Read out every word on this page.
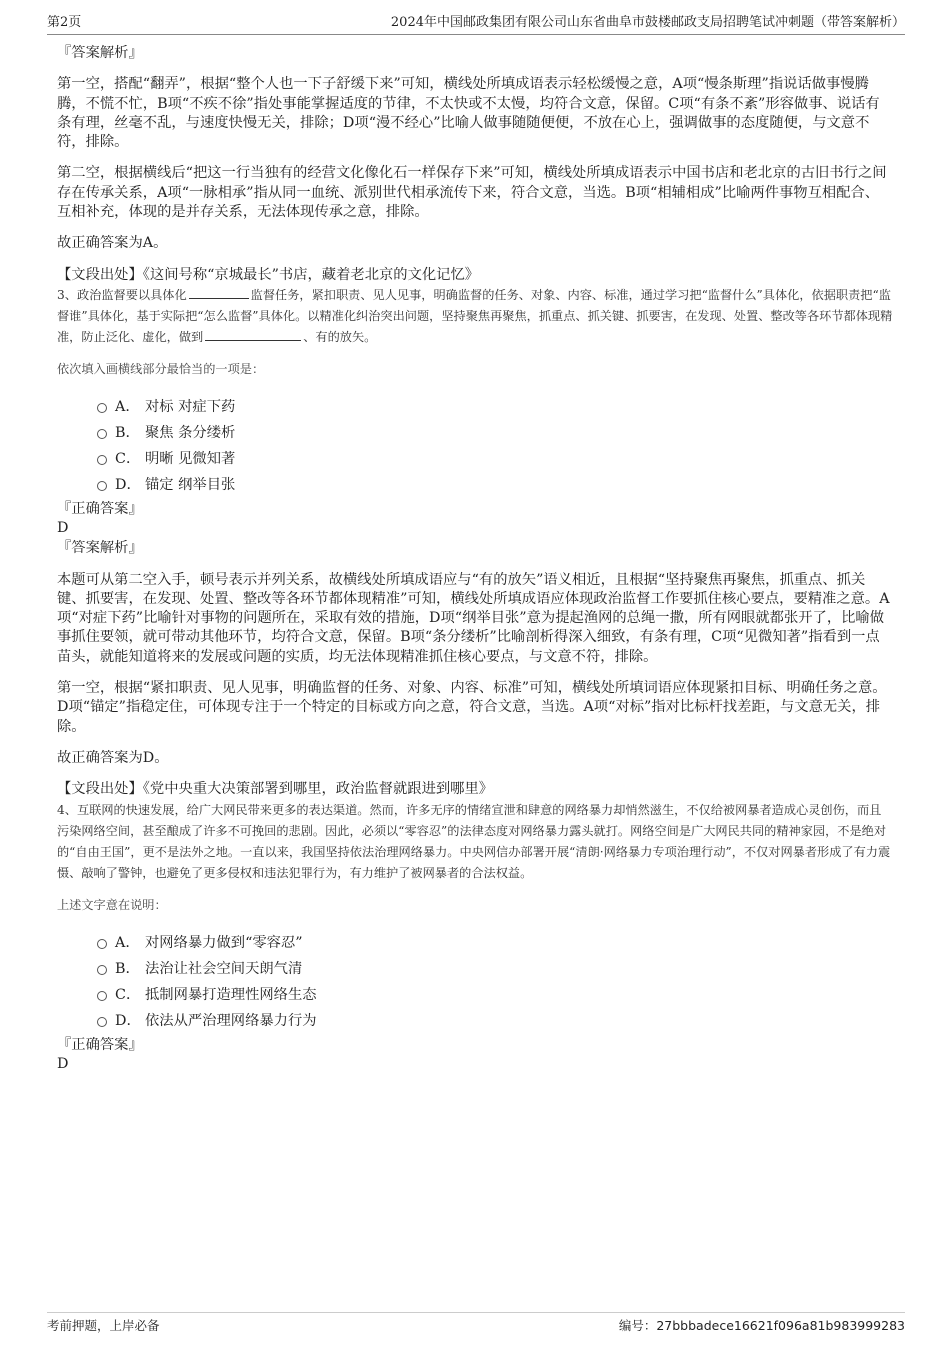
第2页	2024年中国邮政集团有限公司山东省曲阜市鼓楼邮政支局招聘笔试冲刺题（带答案解析）

『答案解析』

第一空，搭配“翻弄”，根据“整个人也一下子舒缓下来”可知，横线处所填成语表示轻松缓慢之意，A项“慢条斯理”指说话做事慢腾腾，不慌不忙，B项“不疾不徐”指处事能掌握适度的节律，不太快或不太慢，均符合文意，保留。C项“有条不紊”形容做事、说话有条有理，丝毫不乱，与速度快慢无关，排除；D项“漫不经心”比喻人做事随随便便，不放在心上，强调做事的态度随便，与文意不符，排除。

第二空，根据横线后“把这一行当独有的经营文化像化石一样保存下来”可知，横线处所填成语表示中国书店和老北京的古旧书行之间存在传承关系，A项“一脉相承”指从同一血统、派别世代相承流传下来，符合文意，当选。B项“相辅相成”比喻两件事物互相配合、互相补充，体现的是并存关系，无法体现传承之意，排除。

故正确答案为A。

【文段出处】《这间号称“京城最长”书店，藏着老北京的文化记忆》

3、政治监督要以具体化	监督任务，紧扣职责、见人见事，明确监督的任务、对象、内容、标准，通过学习把“监督什么”具体化，依据职责把“监督谁”具体化，基于实际把“怎么监督”具体化。以精准化纠治突出问题，坚持聚焦再聚焦，抓重点、抓关键、抓要害，在发现、处置、整改等各环节都体现精准，防止泛化、虚化，做到	、有的放矢。

依次填入画横线部分最恰当的一项是：

A． 对标 对症下药
B． 聚焦 条分缕析
C． 明晰 见微知著
D． 锚定 纲举目张

『正确答案』

D

『答案解析』

本题可从第二空入手，顿号表示并列关系，故横线处所填成语应与“有的放矢”语义相近，且根据“坚持聚焦再聚焦，抓重点、抓关键、抓要害，在发现、处置、整改等各环节都体现精准”可知，横线处所填成语应体现政治监督工作要抓住核心要点，要精准之意。A项“对症下药”比喻针对事物的问题所在，采取有效的措施，D项“纲举目张”意为提起渔网的总绳一撒，所有网眼就都张开了，比喻做事抓住要领，就可带动其他环节，均符合文意，保留。B项“条分缕析”比喻剖析得深入细致，有条有理，C项“见微知著”指看到一点苗头，就能知道将来的发展或问题的实质，均无法体现精准抓住核心要点，与文意不符，排除。

第一空，根据“紧扣职责、见人见事，明确监督的任务、对象、内容、标准”可知，横线处所填词语应体现紧扣目标、明确任务之意。D项“锚定”指稳定住，可体现专注于一个特定的目标或方向之意，符合文意，当选。A项“对标”指对比标杆找差距，与文意无关，排除。

故正确答案为D。

【文段出处】《党中央重大决策部署到哪里，政治监督就跟进到哪里》

4、互联网的快速发展，给广大网民带来更多的表达渠道。然而，许多无序的情绪宣泄和肆意的网络暴力却悄然滋生，不仅给被网暴者造成心灵创伤，而且污染网络空间，甚至酿成了许多不可挽回的悲剧。因此，必须以“零容忍”的法律态度对网络暴力露头就打。网络空间是广大网民共同的精神家园，不是绝对的“自由王国”，更不是法外之地。一直以来，我国坚持依法治理网络暴力。中央网信办部署开展“清朗·网络暴力专项治理行动”，不仅对网暴者形成了有力震慑、敲响了警钟，也避免了更多侵权和违法犯罪行为，有力维护了被网暴者的合法权益。

上述文字意在说明：

A． 对网络暴力做到“零容忍”
B． 法治让社会空间天朗气清
C． 抵制网暴打造理性网络生态
D． 依法从严治理网络暴力行为

『正确答案』

D

考前押题，上岸必备	编号：27bbbadece16621f096a81b983999283
